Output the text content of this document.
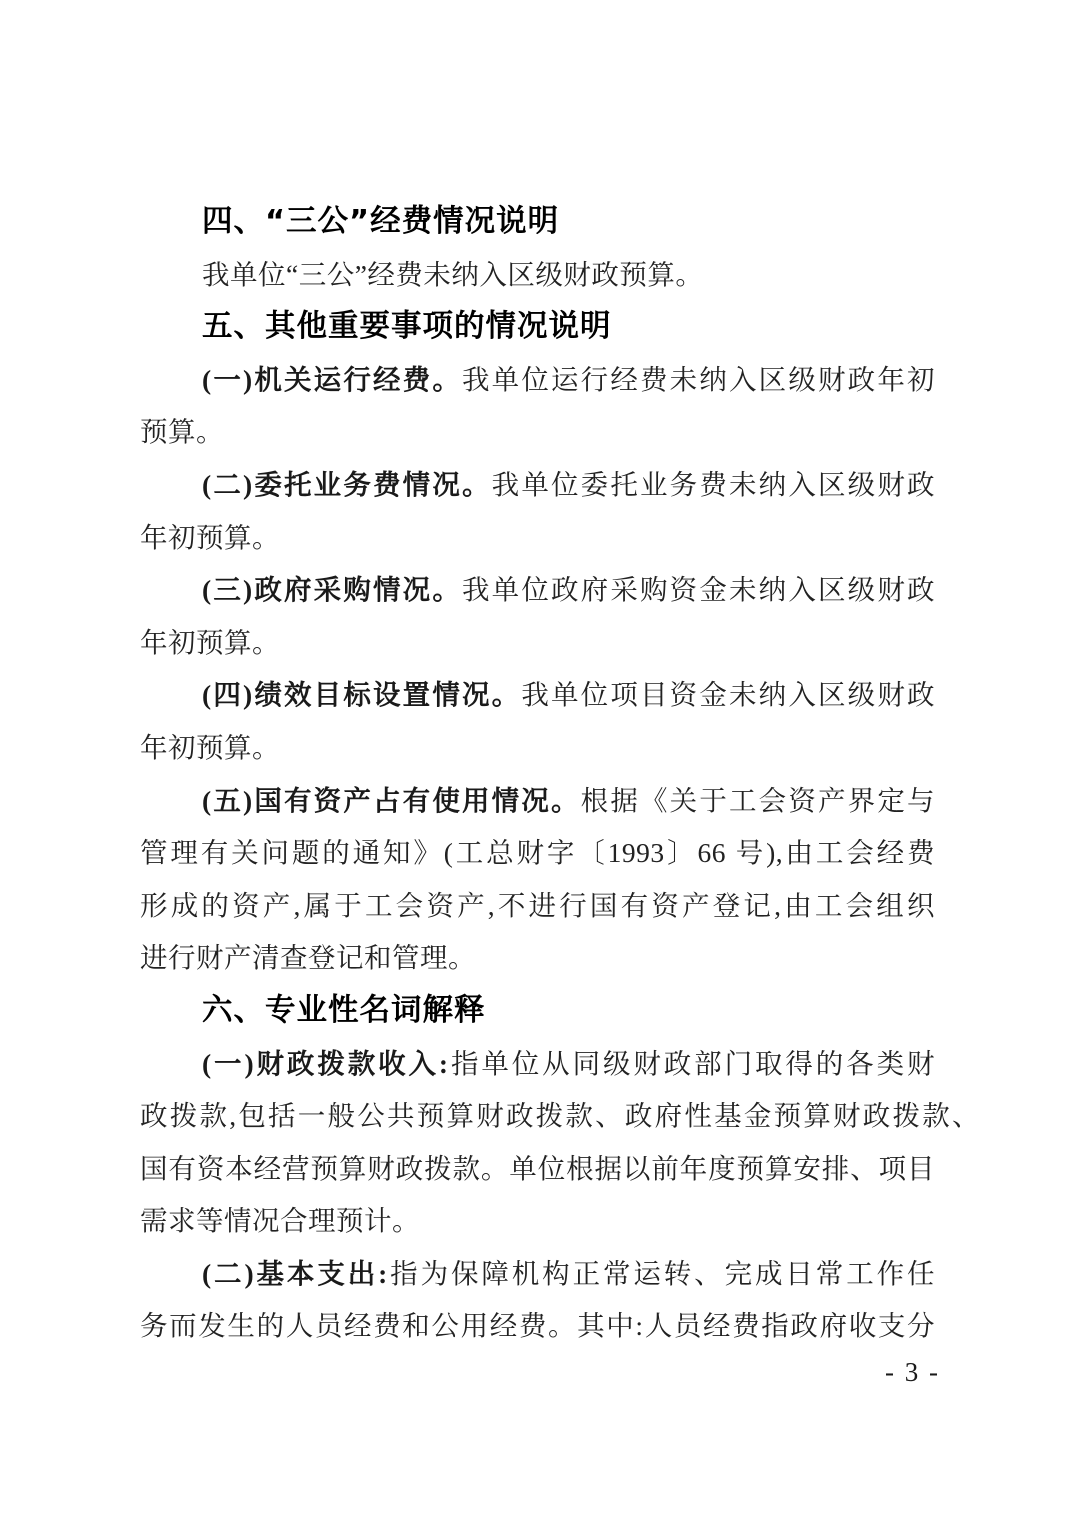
四、“三公”经费情况说明
我单位“三公”经费未纳入区级财政预算。
五、其他重要事项的情况说明
(一)机关运行经费。我单位运行经费未纳入区级财政年初
预算。
(二)委托业务费情况。我单位委托业务费未纳入区级财政
年初预算。
(三)政府采购情况。我单位政府采购资金未纳入区级财政
年初预算。
(四)绩效目标设置情况。我单位项目资金未纳入区级财政
年初预算。
(五)国有资产占有使用情况。根据《关于工会资产界定与
管理有关问题的通知》(工总财字〔1993〕66 号),由工会经费
形成的资产,属于工会资产,不进行国有资产登记,由工会组织
进行财产清查登记和管理。
六、专业性名词解释
(一)财政拨款收入:指单位从同级财政部门取得的各类财
政拨款,包括一般公共预算财政拨款、政府性基金预算财政拨款、
国有资本经营预算财政拨款。单位根据以前年度预算安排、项目
需求等情况合理预计。
(二)基本支出:指为保障机构正常运转、完成日常工作任
务而发生的人员经费和公用经费。其中:人员经费指政府收支分
- 3 -
